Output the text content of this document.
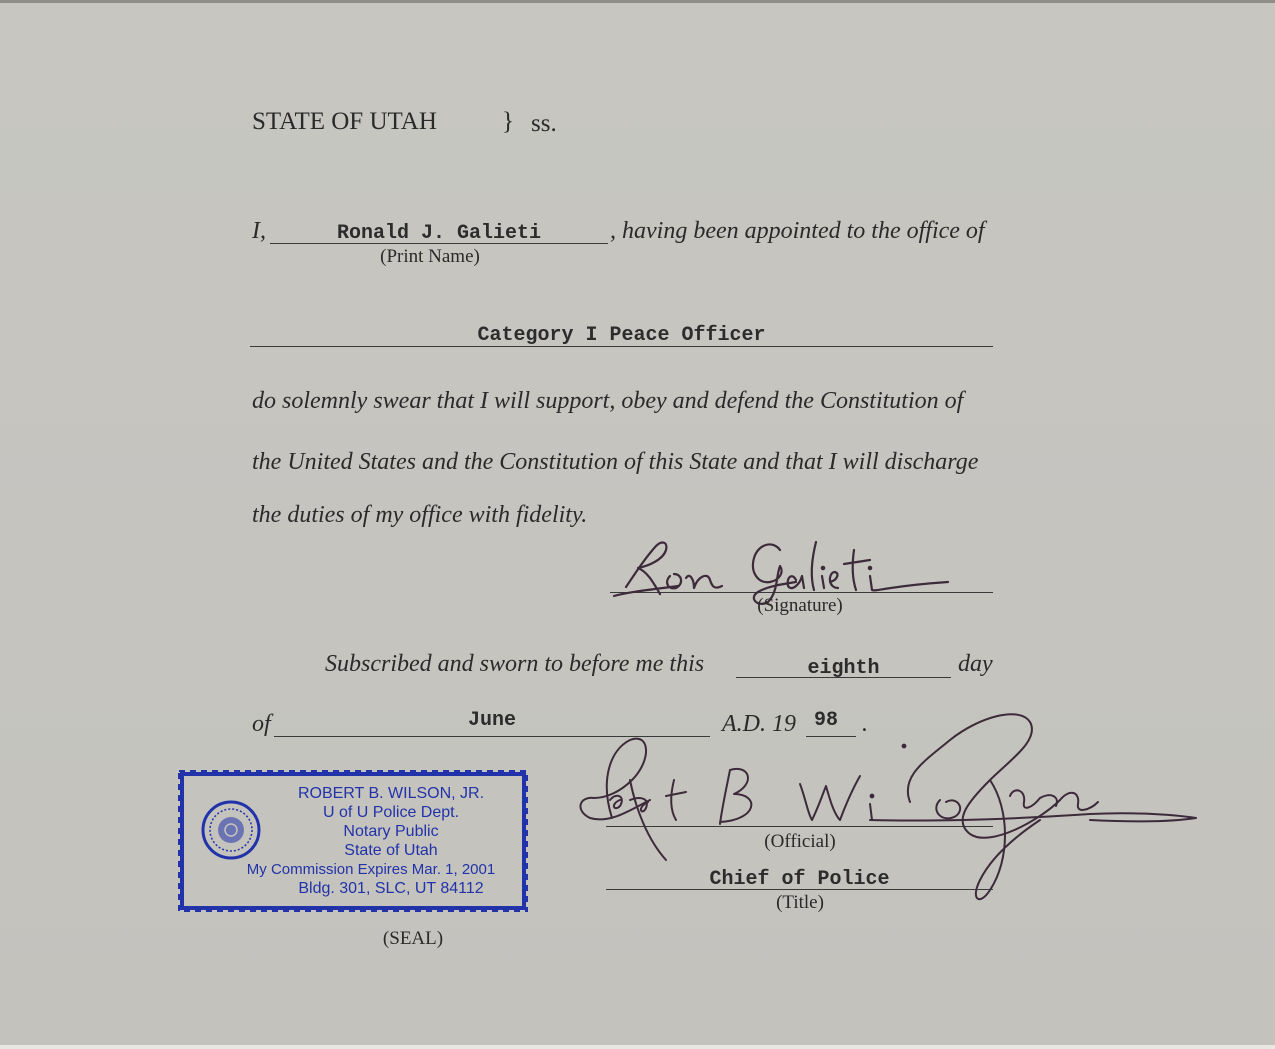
STATE OF UTAH	} ss.
I,	Ronald J. Galieti
(Print Name)
, having been appointed to the office of
Category I Peace Officer
do solemnly swear that I will support, obey and defend the Constitution of
the United States and the Constitution of this State and that I will discharge
the duties of my office with fidelity.
(Signature)
Subscribed and sworn to before me this	eighth	day
of	June	A.D. 19 98	.
(Official)
Chief of Police
(Title)
ROBERT B. WILSON, JR.
U of U Police Dept.
Notary Public
State of Utah
My Commission Expires Mar. 1, 2001
Bldg. 301, SLC, UT 84112
(SEAL)
